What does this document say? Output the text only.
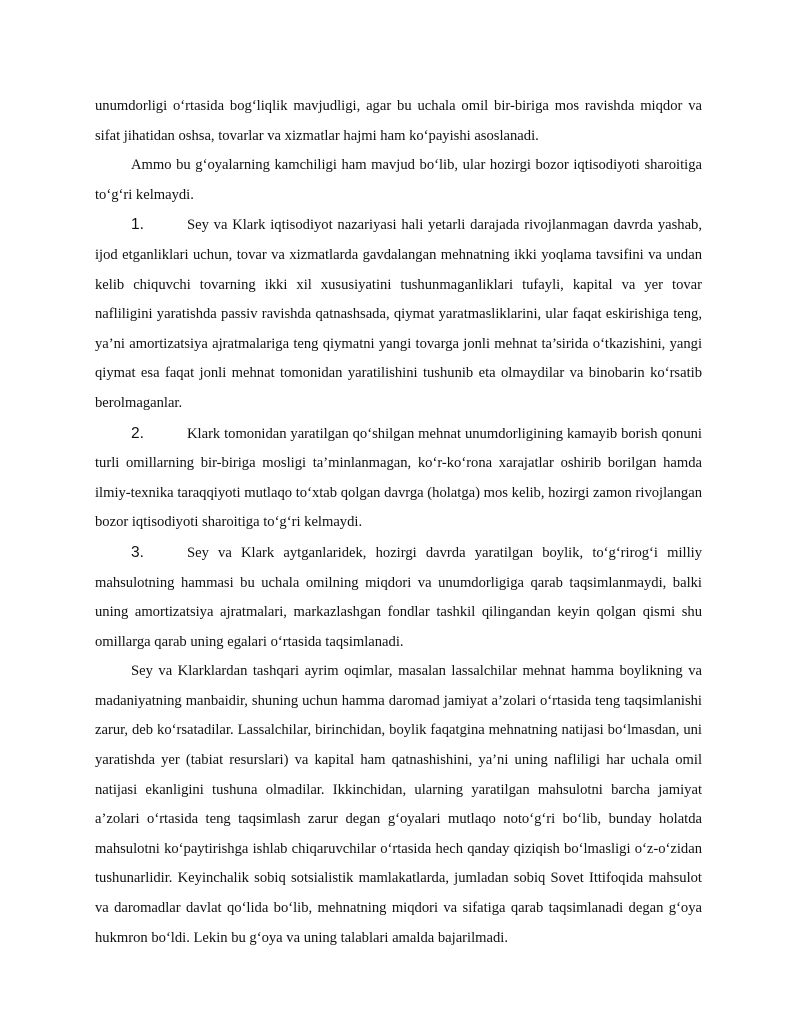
unumdorligi o‘rtasida bog‘liqlik mavjudligi, agar bu uchala omil bir-biriga mos ravishda miqdor va sifat jihatidan oshsa, tovarlar va xizmatlar hajmi ham ko‘payishi asoslanadi.

Ammo bu g‘oyalarning kamchiligi ham mavjud bo‘lib, ular hozirgi bozor iqtisodiyoti sharoitiga to‘g‘ri kelmaydi.

1.	Sey va Klark iqtisodiyot nazariyasi hali yetarli darajada rivojlanmagan davrda yashab, ijod etganliklari uchun, tovar va xizmatlarda gavdalangan mehnatning ikki yoqlama tavsifini va undan kelib chiquvchi tovarning ikki xil xususiyatini tushunmaganliklari tufayli, kapital va yer tovar nafliligini yaratishda passiv ravishda qatnashsada, qiymat yaratmasliklarini, ular faqat eskirishiga teng, ya’ni amortizatsiya ajratmalariga teng qiymatni yangi tovarga jonli mehnat ta’sirida o‘tkazishini, yangi qiymat esa faqat jonli mehnat tomonidan yaratilishini tushunib eta olmaydilar va binobarin ko‘rsatib berolmaganlar.

2.	Klark tomonidan yaratilgan qo‘shilgan mehnat unumdorligining kamayib borish qonuni turli omillarning bir-biriga mosligi ta’minlanmagan, ko‘r-ko‘rona xarajatlar oshirib borilgan hamda ilmiy-texnika taraqqiyoti mutlaqo to‘xtab qolgan davrga (holatga) mos kelib, hozirgi zamon rivojlangan bozor iqtisodiyoti sharoitiga to‘g‘ri kelmaydi.

3.	Sey va Klark aytganlaridek, hozirgi davrda yaratilgan boylik, to‘g‘rirog‘i milliy mahsulotning hammasi bu uchala omilning miqdori va unumdorligiga qarab taqsimlanmaydi, balki uning amortizatsiya ajratmalari, markazlashgan fondlar tashkil qilingandan keyin qolgan qismi shu omillarga qarab uning egalari o‘rtasida taqsimlanadi.

Sey va Klarklardan tashqari ayrim oqimlar, masalan lassalchilar mehnat hamma boylikning va madaniyatning manbaidir, shuning uchun hamma daromad jamiyat a’zolari o‘rtasida teng taqsimlanishi zarur, deb ko‘rsatadilar. Lassalchilar, birinchidan, boylik faqatgina mehnatning natijasi bo‘lmasdan, uni yaratishda yer (tabiat resurslari) va kapital ham qatnashishini, ya’ni uning nafliligi har uchala omil natijasi ekanligini tushuna olmadilar. Ikkinchidan, ularning yaratilgan mahsulotni barcha jamiyat a’zolari o‘rtasida teng taqsimlash zarur degan g‘oyalari mutlaqo noto‘g‘ri bo‘lib, bunday holatda mahsulotni ko‘paytirishga ishlab chiqaruvchilar o‘rtasida hech qanday qiziqish bo‘lmasligi o‘z-o‘zidan tushunarlidir. Keyinchalik sobiq sotsialistik mamlakatlarda, jumladan sobiq Sovet Ittifoqida mahsulot va daromadlar davlat qo‘lida bo‘lib, mehnatning miqdori va sifatiga qarab taqsimlanadi degan g‘oya hukmron bo‘ldi. Lekin bu g‘oya va uning talablari amalda bajarilmadi.
